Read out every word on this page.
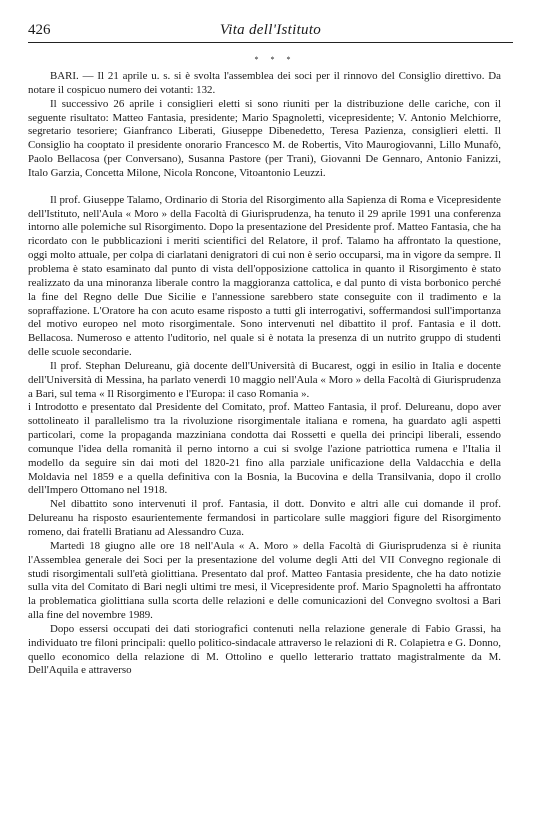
426	Vita dell'Istituto
* * *

BARI. — Il 21 aprile u. s. si è svolta l'assemblea dei soci per il rinnovo del Consiglio direttivo. Da notare il cospicuo numero dei votanti: 132.

Il successivo 26 aprile i consiglieri eletti si sono riuniti per la distribuzione delle cariche, con il seguente risultato: Matteo Fantasia, presidente; Mario Spagnoletti, vicepresidente; V. Antonio Melchiorre, segretario tesoriere; Gianfranco Liberati, Giuseppe Dibenedetto, Teresa Pazienza, consiglieri eletti. Il Consiglio ha cooptato il presidente onorario Francesco M. de Robertis, Vito Maurogiovanni, Lillo Munafò, Paolo Bellacosa (per Conversano), Susanna Pastore (per Trani), Giovanni De Gennaro, Antonio Fanizzi, Italo Garzia, Concetta Milone, Nicola Roncone, Vitoantonio Leuzzi.

Il prof. Giuseppe Talamo, Ordinario di Storia del Risorgimento alla Sapienza di Roma e Vicepresidente dell'Istituto, nell'Aula « Moro » della Facoltà di Giurisprudenza, ha tenuto il 29 aprile 1991 una conferenza intorno alle polemiche sul Risorgimento. Dopo la presentazione del Presidente prof. Matteo Fantasia, che ha ricordato con le pubblicazioni i meriti scientifici del Relatore, il prof. Talamo ha affrontato la questione, oggi molto attuale, per colpa di ciarlatani denigratori di cui non è serio occuparsi, ma in vigore da sempre. Il problema è stato esaminato dal punto di vista dell'opposizione cattolica in quanto il Risorgimento è stato realizzato da una minoranza liberale contro la maggioranza cattolica, e dal punto di vista borbonico perché la fine del Regno delle Due Sicilie e l'annessione sarebbero state conseguite con il tradimento e la sopraffazione. L'Oratore ha con acuto esame risposto a tutti gli interrogativi, soffermandosi sull'importanza del motivo europeo nel moto risorgimentale. Sono intervenuti nel dibattito il prof. Fantasia e il dott. Bellacosa. Numeroso e attento l'uditorio, nel quale si è notata la presenza di un nutrito gruppo di studenti delle scuole secondarie.

Il prof. Stephan Delureanu, già docente dell'Università di Bucarest, oggi in esilio in Italia e docente dell'Università di Messina, ha parlato venerdì 10 maggio nell'Aula « Moro » della Facoltà di Giurisprudenza a Bari, sul tema « Il Risorgimento e l'Europa: il caso Romania ».

i Introdotto e presentato dal Presidente del Comitato, prof. Matteo Fantasia, il prof. Delureanu, dopo aver sottolineato il parallelismo tra la rivoluzione risorgimentale italiana e romena, ha guardato agli aspetti particolari, come la propaganda mazziniana condotta dai Rossetti e quella dei principi liberali, essendo comunque l'idea della romanità il perno intorno a cui si svolge l'azione patriottica rumena e l'Italia il modello da seguire sin dai moti del 1820-21 fino alla parziale unificazione della Valdacchia e della Moldavia nel 1859 e a quella definitiva con la Bosnia, la Bucovina e della Transilvania, dopo il crollo dell'Impero Ottomano nel 1918.

Nel dibattito sono intervenuti il prof. Fantasia, il dott. Donvito e altri alle cui domande il prof. Delureanu ha risposto esaurientemente fermandosi in particolare sulle maggiori figure del Risorgimento romeno, dai fratelli Bratianu ad Alessandro Cuza.

Martedì 18 giugno alle ore 18 nell'Aula « A. Moro » della Facoltà di Giurisprudenza si è riunita l'Assemblea generale dei Soci per la presentazione del volume degli Atti del VII Convegno regionale di studi risorgimentali sull'età giolittiana. Presentato dal prof. Matteo Fantasia presidente, che ha dato notizie sulla vita del Comitato di Bari negli ultimi tre mesi, il Vicepresidente prof. Mario Spagnoletti ha affrontato la problematica giolittiana sulla scorta delle relazioni e delle comunicazioni del Convegno svoltosi a Bari alla fine del novembre 1989.

Dopo essersi occupati dei dati storiografici contenuti nella relazione generale di Fabio Grassi, ha individuato tre filoni principali: quello politico-sindacale attraverso le relazioni di R. Colapietra e G. Donno, quello economico della relazione di M. Ottolino e quello letterario trattato magistralmente da M. Dell'Aquila e attraverso
